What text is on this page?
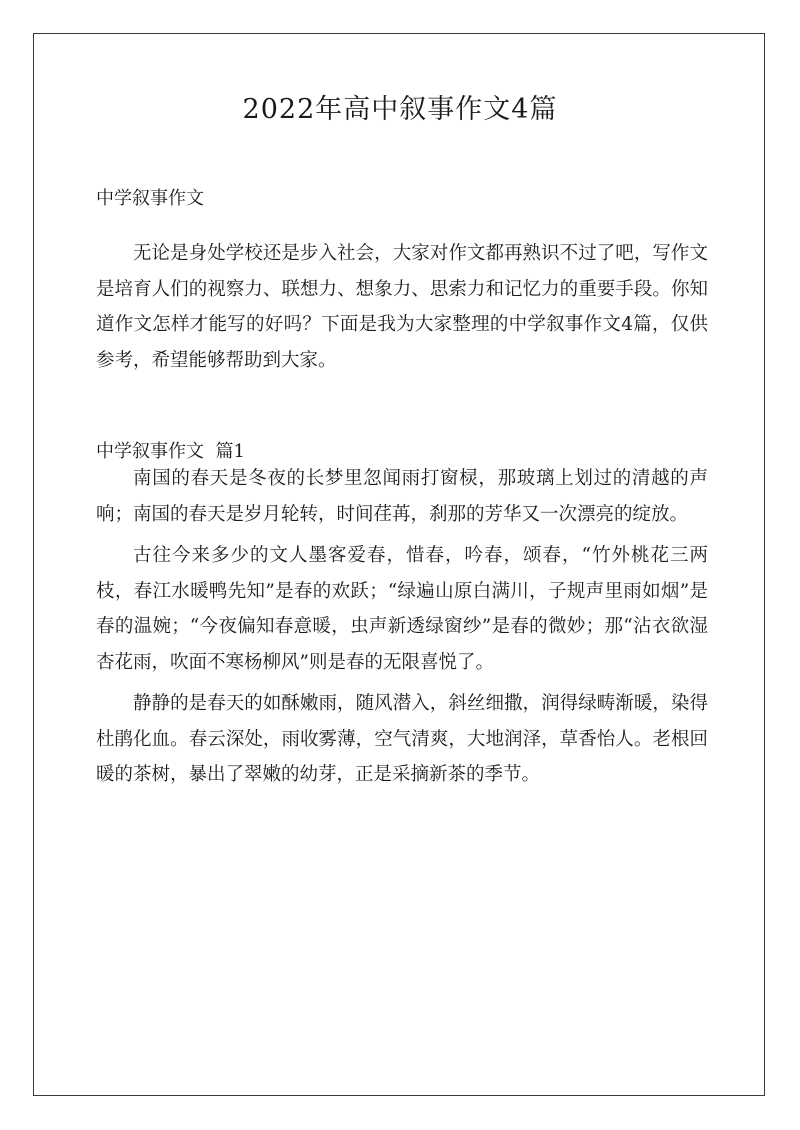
2022年高中叙事作文4篇

中学叙事作文

无论是身处学校还是步入社会，大家对作文都再熟识不过了吧，写作文是培育人们的视察力、联想力、想象力、思索力和记忆力的重要手段。你知道作文怎样才能写的好吗？下面是我为大家整理的中学叙事作文4篇，仅供参考，希望能够帮助到大家。

中学叙事作文  篇1

南国的春天是冬夜的长梦里忽闻雨打窗棂，那玻璃上划过的清越的声响；南国的春天是岁月轮转，时间荏苒，刹那的芳华又一次漂亮的绽放。

古往今来多少的文人墨客爱春，惜春，吟春，颂春，“竹外桃花三两枝，春江水暖鸭先知”是春的欢跃；“绿遍山原白满川，子规声里雨如烟”是春的温婉；“今夜偏知春意暖，虫声新透绿窗纱”是春的微妙；那“沾衣欲湿杏花雨，吹面不寒杨柳风”则是春的无限喜悦了。

静静的是春天的如酥嫩雨，随风潜入，斜丝细撒，润得绿畴渐暖，染得杜鹃化血。春云深处，雨收雾薄，空气清爽，大地润泽，草香怡人。老根回暖的茶树，暴出了翠嫩的幼芽，正是采摘新茶的季节。
